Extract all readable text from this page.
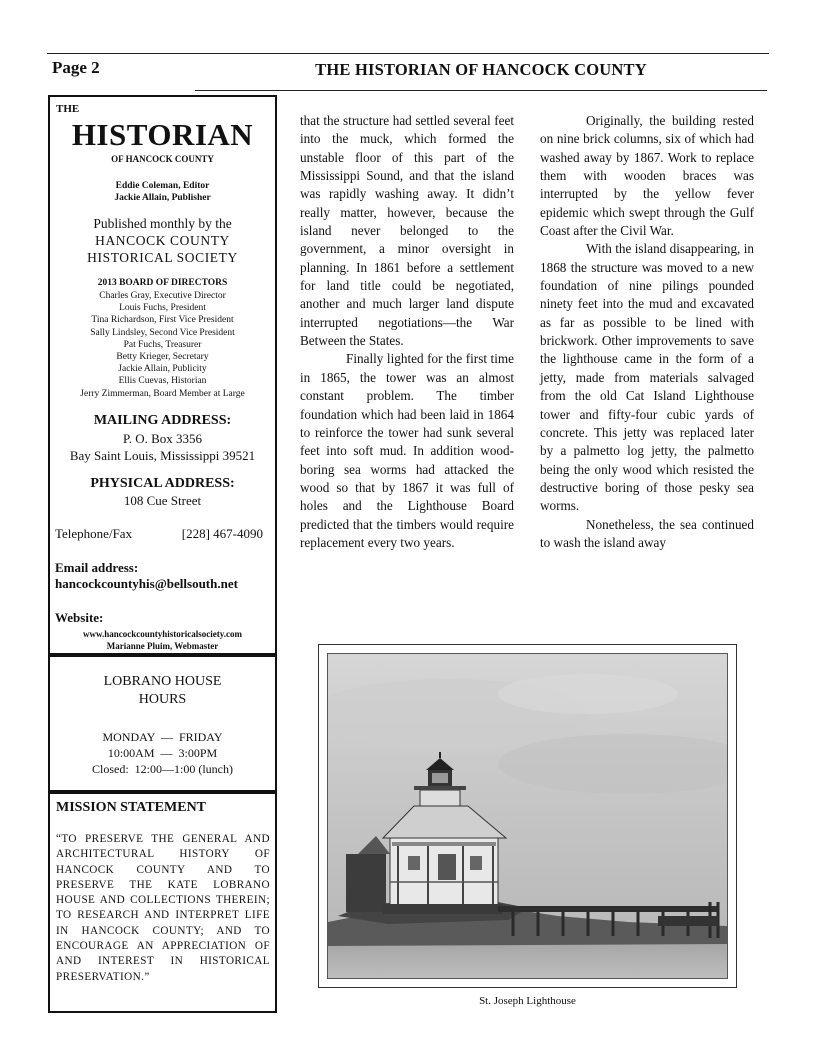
Page 2	THE HISTORIAN OF HANCOCK COUNTY
THE
HISTORIAN
OF HANCOCK COUNTY
Eddie Coleman, Editor
Jackie Allain, Publisher
Published monthly by the
HANCOCK COUNTY
HISTORICAL SOCIETY
2013 BOARD OF DIRECTORS
Charles Gray, Executive Director
Louis Fuchs, President
Tina Richardson, First Vice President
Sally Lindsley, Second Vice President
Pat Fuchs, Treasurer
Betty Krieger, Secretary
Jackie Allain, Publicity
Ellis Cuevas, Historian
Jerry Zimmerman, Board Member at Large
MAILING ADDRESS:
P. O. Box 3356
Bay Saint Louis, Mississippi 39521
PHYSICAL ADDRESS:
108 Cue Street
Telephone/Fax	[228] 467-4090
Email address:
hancockcountyhis@bellsouth.net
Website:
www.hancockcountyhistoricalsociety.com
Marianne Pluim, Webmaster
LOBRANO HOUSE
HOURS
MONDAY  —  FRIDAY
10:00AM  —  3:00PM
Closed:  12:00—1:00 (lunch)
MISSION STATEMENT
“TO PRESERVE THE GENERAL AND ARCHITECTURAL HISTORY OF HANCOCK COUNTY AND TO PRESERVE THE KATE LOBRANO HOUSE AND COLLECTIONS THEREIN; TO RESEARCH AND INTERPRET LIFE IN HANCOCK COUNTY; AND TO ENCOURAGE AN APPRECIATION OF AND INTEREST IN HISTORICAL PRESERVATION.”

that the structure had settled several feet into the muck, which formed the unstable floor of this part of the Mississippi Sound, and that the island was rapidly washing away. It didn’t really matter, however, because the island never belonged to the government, a minor oversight in planning. In 1861 before a settlement for land title could be negotiated, another and much larger land dispute interrupted negotiations—the War Between the States.

Finally lighted for the first time in 1865, the tower was an almost constant problem. The timber foundation which had been laid in 1864 to reinforce the tower had sunk several feet into soft mud. In addition wood-boring sea worms had attacked the wood so that by 1867 it was full of holes and the Lighthouse Board predicted that the timbers would require replacement every two years.

Originally, the building rested on nine brick columns, six of which had washed away by 1867. Work to replace them with wooden braces was interrupted by the yellow fever epidemic which swept through the Gulf Coast after the Civil War.

With the island disappearing, in 1868 the structure was moved to a new foundation of nine pilings pounded ninety feet into the mud and excavated as far as possible to be lined with brickwork. Other improvements to save the lighthouse came in the form of a jetty, made from materials salvaged from the old Cat Island Lighthouse tower and fifty-four cubic yards of concrete. This jetty was replaced later by a palmetto log jetty, the palmetto being the only wood which resisted the destructive boring of those pesky sea worms.

Nonetheless, the sea continued to wash the island away

St. Joseph Lighthouse
